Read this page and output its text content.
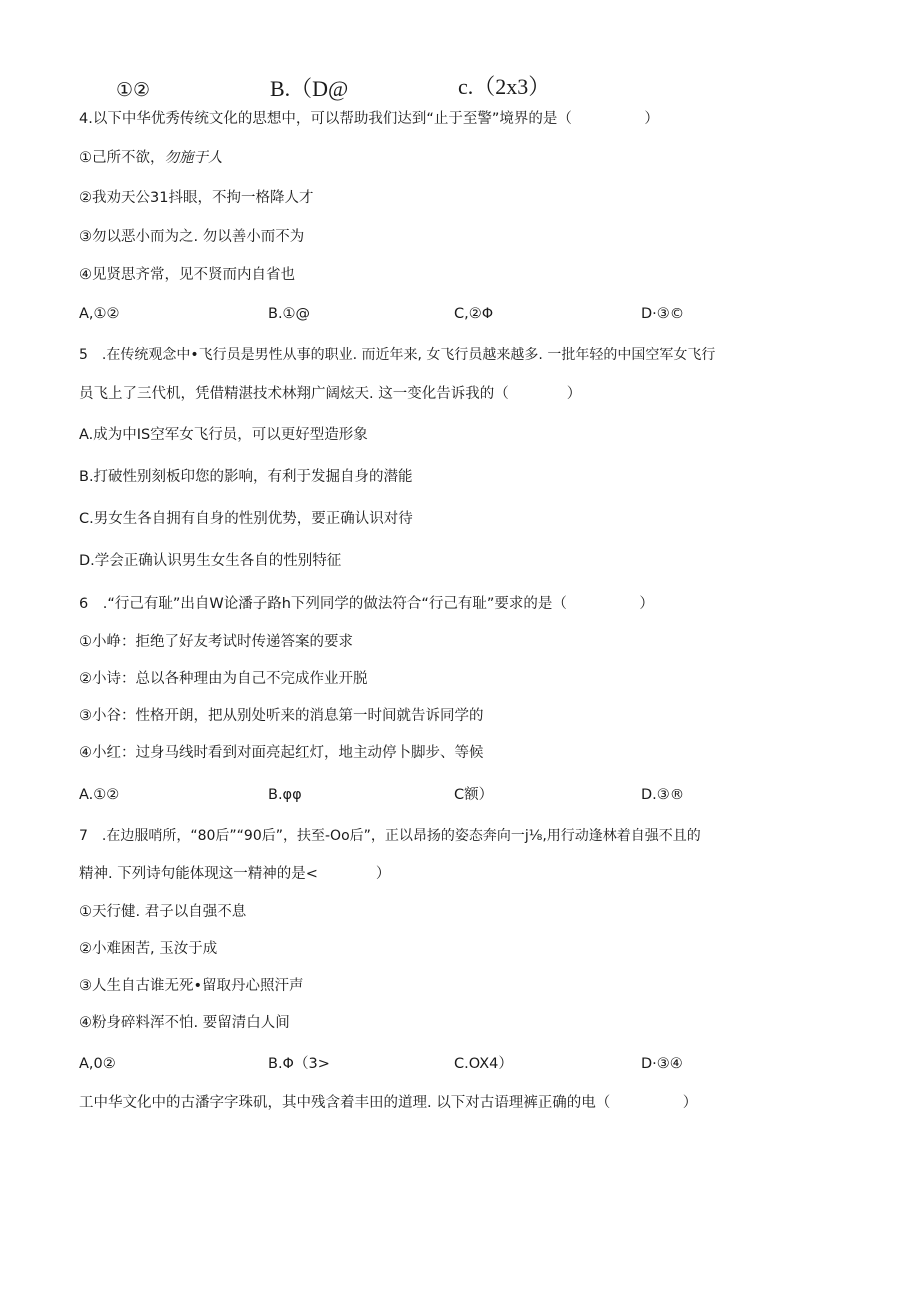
①②	B.（D@	c.（2x3）
4.以下中华优秀传统文化的思想中，可以帮助我们达到“止于至警”境界的是（　　　　　）
①己所不欲，勿施于人
②我劝天公31抖眼，不拘一格降人才
③勿以恶小而为之. 勿以善小而不为
④见贤思齐常，见不贤而内自省也
A,①②	B.①@	C,②Φ	D·③©
5　.在传统观念中•飞行员是男性从事的职业. 而近年来, 女飞行员越来越多. 一批年轻的中国空军女飞行
员飞上了三代机，凭借精湛技术林翔广阔炫天. 这一变化告诉我的（　　　　）
A.成为中IS空军女飞行员，可以更好型造形象
B.打破性别刻板印您的影响，有利于发掘自身的潜能
C.男女生各自拥有自身的性别优势，要正确认识对待
D.学会正确认识男生女生各自的性别特征
6　.“行己有耻”出自W论潘子路h下列同学的做法符合“行己有耻”要求的是（　　　　　）
①小峥：拒绝了好友考试时传递答案的要求
②小诗：总以各种理由为自己不完成作业开脱
③小谷：性格开朗，把从别处听来的消息第一时间就告诉同学的
④小红：过身马线时看到对面亮起红灯，地主动停卜脚步、等候
A.①②	B.φφ	C额）	D.③®
7　.在边服哨所，“80后”“90后”，扶至-Oo后”，正以昂扬的姿态奔向一j⅛,用行动逢林着自强不且的
精神. 下列诗句能体现这一精神的是<　　　　）
①天行健. 君子以自强不息
②小难困苦, 玉汝于成
③人生自古谁无死•留取丹心照汗声
④粉身碎料浑不怕. 要留清白人间
A,0②	B.Φ（3>	C.OX4）	D·③④
工中华文化中的古潘字字珠矶，其中残含着丰田的道理. 以下对古语理裤正确的电（　　　　　）
